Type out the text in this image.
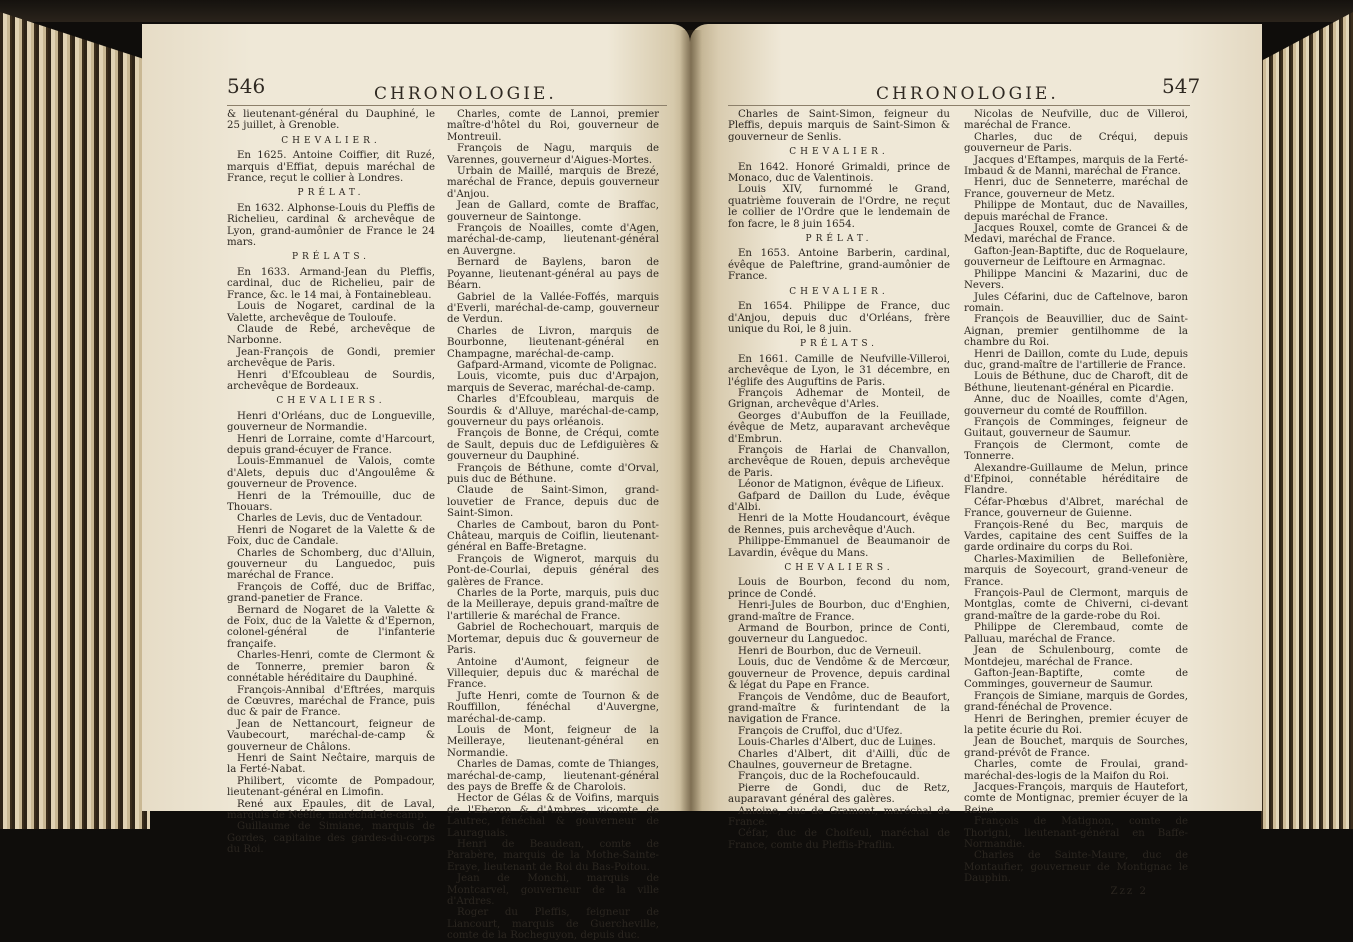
546	CHRONOLOGIE.

& lieutenant-général du Dauphiné, le 25 juillet, à Grenoble.

CHEVALIER.

En 1625. Antoine Coiffier, dit Ruzé, marquis d'Effiat, depuis maréchal de France, reçut le collier à Londres.

PRÉLAT.

En 1632. Alphonse-Louis du Pleffis de Richelieu, cardinal & archevêque de Lyon, grand-aumônier de France le 24 mars.

PRÉLATS.

En 1633. Armand-Jean du Pleffis, cardinal, duc de Richelieu, pair de France, &c. le 14 mai, à Fontainebleau.

Louis de Nogaret, cardinal de la Valette, archevêque de Touloufe.

Claude de Rebé, archevêque de Narbonne.

Jean-François de Gondi, premier archevêque de Paris.

Henri d'Efcoubleau de Sourdis, archevêque de Bordeaux.

CHEVALIERS.

Henri d'Orléans, duc de Longueville, gouverneur de Normandie.

Henri de Lorraine, comte d'Harcourt, depuis grand-écuyer de France.

Louis-Emmanuel de Valois, comte d'Alets, depuis duc d'Angoulême & gouverneur de Provence.

Henri de la Trémouille, duc de Thouars.

Charles de Levis, duc de Ventadour.

Henri de Nogaret de la Valette & de Foix, duc de Candale.

Charles de Schomberg, duc d'Alluin, gouverneur du Languedoc, puis maréchal de France.

François de Coffé, duc de Briffac, grand-panetier de France.

Bernard de Nogaret de la Valette & de Foix, duc de la Valette & d'Epernon, colonel-général de l'infanterie françaife.

Charles-Henri, comte de Clermont & de Tonnerre, premier baron & connétable héréditaire du Dauphiné.

François-Annibal d'Eftrées, marquis de Cœuvres, maréchal de France, puis duc & pair de France.

Jean de Nettancourt, feigneur de Vaubecourt, maréchal-de-camp & gouverneur de Châlons.

Henri de Saint Neĉtaire, marquis de la Ferté-Nabat.

Philibert, vicomte de Pompadour, lieutenant-général en Limofin.

René aux Epaules, dit de Laval, marquis de Néêlle, maréchal-de-camp.

Guillaume de Simiane, marquis de Gordes, capitaine des gardes-du-corps du Roi.

Charles, comte de Lannoi, premier maître-d'hôtel du Roi, gouverneur de Montreuil.

François de Nagu, marquis de Varennes, gouverneur d'Aigues-Mortes.

Urbain de Maillé, marquis de Brezé, maréchal de France, depuis gouverneur d'Anjou.

Jean de Gallard, comte de Braffac, gouverneur de Saintonge.

François de Noailles, comte d'Agen, maréchal-de-camp, lieutenant-général en Auvergne.

Bernard de Baylens, baron de Poyanne, lieutenant-général au pays de Béarn.

Gabriel de la Vallée-Foffés, marquis d'Everli, maréchal-de-camp, gouverneur de Verdun.

Charles de Livron, marquis de Bourbonne, lieutenant-général en Champagne, maréchal-de-camp.

Gafpard-Armand, vicomte de Polignac.

Louis, vicomte, puis duc d'Arpajon, marquis de Severac, maréchal-de-camp.

Charles d'Efcoubleau, marquis de Sourdis & d'Alluye, maréchal-de-camp, gouverneur du pays orléanois.

François de Bonne, de Créqui, comte de Sault, depuis duc de Lefdiguières & gouverneur du Dauphiné.

François de Béthune, comte d'Orval, puis duc de Béthune.

Claude de Saint-Simon, grand-louvetier de France, depuis duc de Saint-Simon.

Charles de Cambout, baron du Pont-Château, marquis de Coiflin, lieutenant-général en Baffe-Bretagne.

François de Wignerot, marquis du Pont-de-Courlai, depuis général des galères de France.

Charles de la Porte, marquis, puis duc de la Meilleraye, depuis grand-maître de l'artillerie & maréchal de France.

Gabriel de Rochechouart, marquis de Mortemar, depuis duc & gouverneur de Paris.

Antoine d'Aumont, feigneur de Villequier, depuis duc & maréchal de France.

Jufte Henri, comte de Tournon & de Rouffillon, fénéchal d'Auvergne, maréchal-de-camp.

Louis de Mont, feigneur de la Meilleraye, lieutenant-général en Normandie.

Charles de Damas, comte de Thianges, maréchal-de-camp, lieutenant-général des pays de Breffe & de Charolois.

Hector de Gélas & de Voifins, marquis de l'Eberon & d'Ambres, vicomte de Lautrec, fénéchal & gouverneur de Lauraguais.

Henri de Beaudean, comte de Parabère, marquis de la Mothe-Sainte-Eraye, lieutenant de Roi du Bas-Poitou.

Jean de Monchi, marquis de Montcarvel, gouverneur de la ville d'Ardres.

Roger du Pleffis, feigneur de Liancourt, marquis de Guercheville, comte de la Rocheguyon, depuis duc.

CHRONOLOGIE.	547

Charles de Saint-Simon, feigneur du Pleffis, depuis marquis de Saint-Simon & gouverneur de Senlis.

CHEVALIER.

En 1642. Honoré Grimaldi, prince de Monaco, duc de Valentinois.

Louis XIV, furnommé le Grand, quatrième fouverain de l'Ordre, ne reçut le collier de l'Ordre que le lendemain de fon facre, le 8 juin 1654.

PRÉLAT.

En 1653. Antoine Barberin, cardinal, évêque de Paleftrine, grand-aumônier de France.

CHEVALIER.

En 1654. Philippe de France, duc d'Anjou, depuis duc d'Orléans, frère unique du Roi, le 8 juin.

PRÉLATS.

En 1661. Camille de Neufville-Villeroi, archevêque de Lyon, le 31 décembre, en l'églife des Auguftins de Paris.

François Adhemar de Monteil, de Grignan, archevêque d'Arles.

Georges d'Aubuffon de la Feuillade, évêque de Metz, auparavant archevêque d'Embrun.

François de Harlai de Chanvallon, archevêque de Rouen, depuis archevêque de Paris.

Léonor de Matignon, évêque de Lifieux.

Gafpard de Daillon du Lude, évêque d'Albi.

Henri de la Motte Houdancourt, évêque de Rennes, puis archevêque d'Auch.

Philippe-Emmanuel de Beaumanoir de Lavardin, évêque du Mans.

CHEVALIERS.

Louis de Bourbon, fecond du nom, prince de Condé.

Henri-Jules de Bourbon, duc d'Enghien, grand-maître de France.

Armand de Bourbon, prince de Conti, gouverneur du Languedoc.

Henri de Bourbon, duc de Verneuil.

Louis, duc de Vendôme & de Mercœur, gouverneur de Provence, depuis cardinal & légat du Pape en France.

François de Vendôme, duc de Beaufort, grand-maître & furintendant de la navigation de France.

François de Cruffol, duc d'Ufez.

Louis-Charles d'Albert, duc de Luines.

Charles d'Albert, dit d'Ailli, duc de Chaulnes, gouverneur de Bretagne.

François, duc de la Rochefoucauld.

Pierre de Gondi, duc de Retz, auparavant général des galères.

Antoine, duc de Gramont, maréchal de France.

Céfar, duc de Choifeul, maréchal de France, comte du Pleffis-Praflin.

Nicolas de Neufville, duc de Villeroi, maréchal de France.

Charles, duc de Créqui, depuis gouverneur de Paris.

Jacques d'Eftampes, marquis de la Ferté-Imbaud & de Manni, maréchal de France.

Henri, duc de Senneterre, maréchal de France, gouverneur de Metz.

Philippe de Montaut, duc de Navailles, depuis maréchal de France.

Jacques Rouxel, comte de Grancei & de Medavi, maréchal de France.

Gafton-Jean-Baptifte, duc de Roquelaure, gouverneur de Leiftoure en Armagnac.

Philippe Mancini & Mazarini, duc de Nevers.

Jules Céfarini, duc de Caftelnove, baron romain.

François de Beauvillier, duc de Saint-Aignan, premier gentilhomme de la chambre du Roi.

Henri de Daillon, comte du Lude, depuis duc, grand-maître de l'artillerie de France.

Louis de Béthune, duc de Charoft, dit de Béthune, lieutenant-général en Picardie.

Anne, duc de Noailles, comte d'Agen, gouverneur du comté de Rouffillon.

François de Comminges, feigneur de Guitaut, gouverneur de Saumur.

François de Clermont, comte de Tonnerre.

Alexandre-Guillaume de Melun, prince d'Efpinoi, connétable héréditaire de Flandre.

Céfar-Phœbus d'Albret, maréchal de France, gouverneur de Guienne.

François-René du Bec, marquis de Vardes, capitaine des cent Suiffes de la garde ordinaire du corps du Roi.

Charles-Maximilien de Bellefonière, marquis de Soyecourt, grand-veneur de France.

François-Paul de Clermont, marquis de Montglas, comte de Chiverni, ci-devant grand-maître de la garde-robe du Roi.

Philippe de Clerembaud, comte de Palluau, maréchal de France.

Jean de Schulenbourg, comte de Montdejeu, maréchal de France.

Gafton-Jean-Baptifte, comte de Comminges, gouverneur de Saumur.

François de Simiane, marquis de Gordes, grand-fénéchal de Provence.

Henri de Beringhen, premier écuyer de la petite écurie du Roi.

Jean de Bouchet, marquis de Sourches, grand-prévôt de France.

Charles, comte de Froulai, grand-maréchal-des-logis de la Maifon du Roi.

Jacques-François, marquis de Hautefort, comte de Montignac, premier écuyer de la Reine.

François de Matignon, comte de Thorigni, lieutenant-général en Baffe-Normandie.

Charles de Sainte-Maure, duc de Montaufier, gouverneur de Montignac le Dauphin.

Zzz 2
